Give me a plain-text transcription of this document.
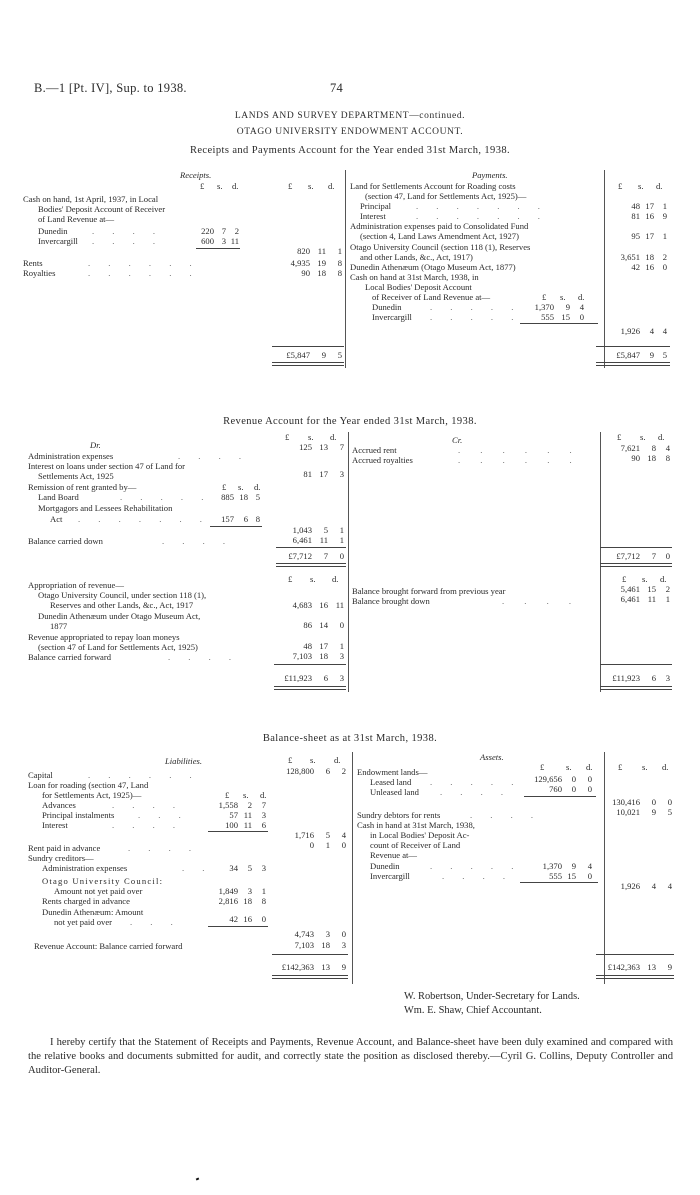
B.—1 [Pt. IV], Sup. to 1938.	74
LANDS AND SURVEY DEPARTMENT—continued.
OTAGO UNIVERSITY ENDOWMENT ACCOUNT.
Receipts and Payments Account for the Year ended 31st March, 1938.
Receipts.	Payments.
£ s. d.	£ s. d.	£ s. d.
Cash on hand, 1st April, 1937, in Local
Bodies' Deposit Account of Receiver
of Land Revenue at—
Dunedin	. . . .	220 7	2
Invercargill . . . .	600 3 11
820 11	1
Rents	. . . . . .	4,935 19	8
Royalties	. . . . . .	90 18	8
£5,847	9	5
Land for Settlements Account for Roading costs
(section 47, Land for Settlements Act, 1925)—
Principal	. . . . . . .	48 17	1
Interest	. . . . . . .	81 16	9
Administration expenses paid to Consolidated Fund
(section 4, Land Laws Amendment Act, 1927)	95 17	1
Otago University Council (section 118 (1), Reserves
and other Lands, &c., Act, 1917)	3,651 18	2
Dunedin Athenæum (Otago Museum Act, 1877)	42 16	0
Cash on hand at 31st March, 1938, in
Local Bodies' Deposit Account
of Receiver of Land Revenue at—	£ s. d.
Dunedin	. . . . .	1,370	9	4
Invercargill . . . . .	555 15	0
1,926	4	4
£5,847	9	5
Revenue Account for the Year ended 31st March, 1938.
£ s. d.	£ s. d.
Dr.	Cr.
Administration expenses	. . . .
125 13	7
Interest on loans under section 47 of Land for
Settlements Act, 1925	81 17	3
Remission of rent granted by—	£ s. d.
Land Board	. . . . .	885 18 5
Mortgagors and Lessees Rehabilitation
Act . . . . . . .	157	6 8
1,043	5	1
Balance carried down	. . . .	6,461 11	1
£7,712	7	0
Accrued rent	. . . . . .	7,621	8	4
Accrued royalties	. . . . . .	90 18	8
£7,712	7	0
£ s. d.	£ s. d.
Appropriation of revenue—
Otago University Council, under section 118 (1),
Reserves and other Lands, &c., Act, 1917	4,683 16 11
Dunedin Athenæum under Otago Museum Act,
1877	86 14	0
Revenue appropriated to repay loan moneys
(section 47 of Land for Settlements Act, 1925)	48 17	1
Balance carried forward	. . . .	7,103 18	3
£11,923	6	3
Balance brought forward from previous year	5,461 15	2
Balance brought down	. . . .	6,461 11	1
£11,923	6	3
Balance-sheet as at 31st March, 1938.
Liabilities.	Assets.
£ s. d.
Capital	. . . . . .	128,800	6	2
Loan for roading (section 47, Land
for Settlements Act, 1925)—	£ s. d.
Advances	. . . .	1,558	2	7
Principal instalments	. . .	57 11	3
Interest	. . . .	100 11	6
1,716	5	4
Rent paid in advance	. . . .	0	1	0
Sundry creditors—
Administration expenses	. .	34	5	3
Otago University Council:
Amount not yet paid over	1,849	3	1
Rents charged in advance	2,816 18	8
Dunedin Athenæum: Amount
not yet paid over . . .	42 16	0
4,743	3	0
Revenue Account: Balance carried forward	7,103 18	3
£142,363 13	9
£	s. d.	£ s. d.
Endowment lands—
Leased land . . . . .	129,656	0	0
Unleased land . . . .	760	0	0
130,416	0	0
Sundry debtors for rents	. . . .	10,021	9	5
Cash in hand at 31st March, 1938,
in Local Bodies' Deposit Ac-
count of Receiver of Land
Revenue at—
Dunedin	. . . . .	1,370	9	4
Invercargill	. . . .	555 15	0
1,926	4	4
£142,363 13	9
W. Robertson, Under-Secretary for Lands.
Wm. E. Shaw, Chief Accountant.
I hereby certify that the Statement of Receipts and Payments, Revenue Account, and Balance-sheet have been duly examined and compared with the relative books and documents submitted for audit, and correctly state the position as disclosed thereby.—Cyril G. Collins, Deputy Controller and Auditor-General.
